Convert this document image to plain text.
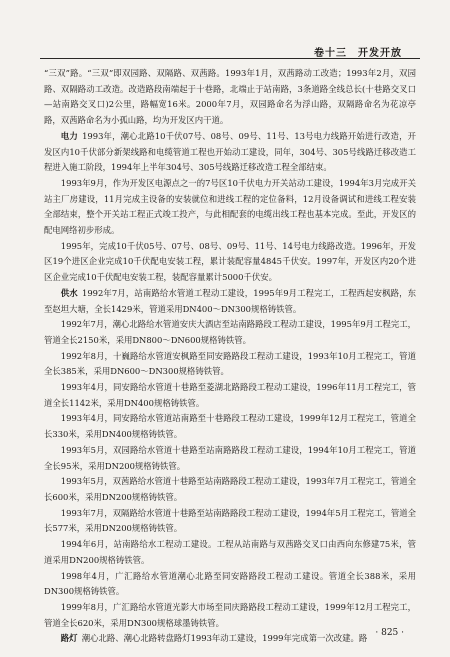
卷十三　开发开放

“三双”路。“三双”即双园路、双隔路、双茜路。1993年1月，双茜路动工改造；1993年2月，双园路、双隔路动工改造。改造路段南端起于十巷路，北端止于站南路，3条道路全线总长(十巷路交叉口—站南路交叉口)2公里，路幅宽16米。2000年7月，双园路命名为浮山路，双隔路命名为花凉亭路，双茜路命名为小孤山路，均为开发区内干道。

电力 1993年，潮心北路10千伏07号、08号、09号、11号、13号电力线路开始进行改造，开发区内10千伏部分新架线路和电缆管道工程也开始动工建设，同年，304号、305号线路迁移改造工程进入施工阶段，1994年上半年304号、305号线路迁移改造工程全部结束。

1993年9月，作为开发区电源点之一的7号区10千伏电力开关站动工建设，1994年3月完成开关站主厂房建设，11月完成主设备的安装就位和进线工程的定位备料，12月设备调试和进线工程安装全部结束，整个开关站工程正式竣工投产，与此相配套的电缆出线工程也基本完成。至此，开发区的配电网络初步形成。

1995年，完成10千伏05号、07号、08号、09号、11号、14号电力线路改造。1996年，开发区19个进区企业完成10千伏配电安装工程，累计装配容量4845千伏安。1997年，开发区内20个进区企业完成10千伏配电安装工程，装配容量累计5000千伏安。

供水 1992年7月，站南路给水管道工程动工建设，1995年9月工程完工，工程西起安枫路，东至赵坦大塘，全长1429米，管道采用DN400～DN300规格铸铁管。

1992年7月，潮心北路给水管道安庆大酒店至站南路路段工程动工建设，1995年9月工程完工，管道全长2150米，采用DN800～DN600规格铸铁管。

1992年8月，十巍路给水管道安枫路至同安路路段工程动工建设，1993年10月工程完工，管道全长385米，采用DN600～DN300规格铸铁管。

1993年4月，同安路给水管道十巷路至菱湖北路路段工程动工建设，1996年11月工程完工，管道全长1142米，采用DN400规格铸铁管。

1993年4月，同安路给水管道站南路至十巷路段工程动工建设，1999年12月工程完工，管道全长330米，采用DN400规格铸铁管。

1993年5月，双园路给水管道十巷路至站南路路段工程动工建设，1994年10月工程完工，管道全长95米，采用DN200规格铸铁管。

1993年5月，双茜路给水管道十巷路至站南路路段工程动工建设，1993年7月工程完工，管道全长600米，采用DN200规格铸铁管。

1993年7月，双隔路给水管道十巷路至站南路路段工程动工建设，1994年5月工程完工，管道全长577米，采用DN200规格铸铁管。

1994年6月，站南路给水工程动工建设。工程从站南路与双茜路交叉口由西向东修建75米，管道采用DN200规格铸铁管。

1998年4月，广汇路给水管道潮心北路至同安路路段工程动工建设。管道全长388米，采用DN300规格铸铁管。

1999年8月，广汇路给水管道光影大市场至同庆路路段工程动工建设，1999年12月工程完工，管道全长620米，采用DN300规格球墨铸铁管。

路灯 潮心北路、潮心北路转盘路灯1993年动工建设，1999年完成第一次改建。路

· 825 ·
